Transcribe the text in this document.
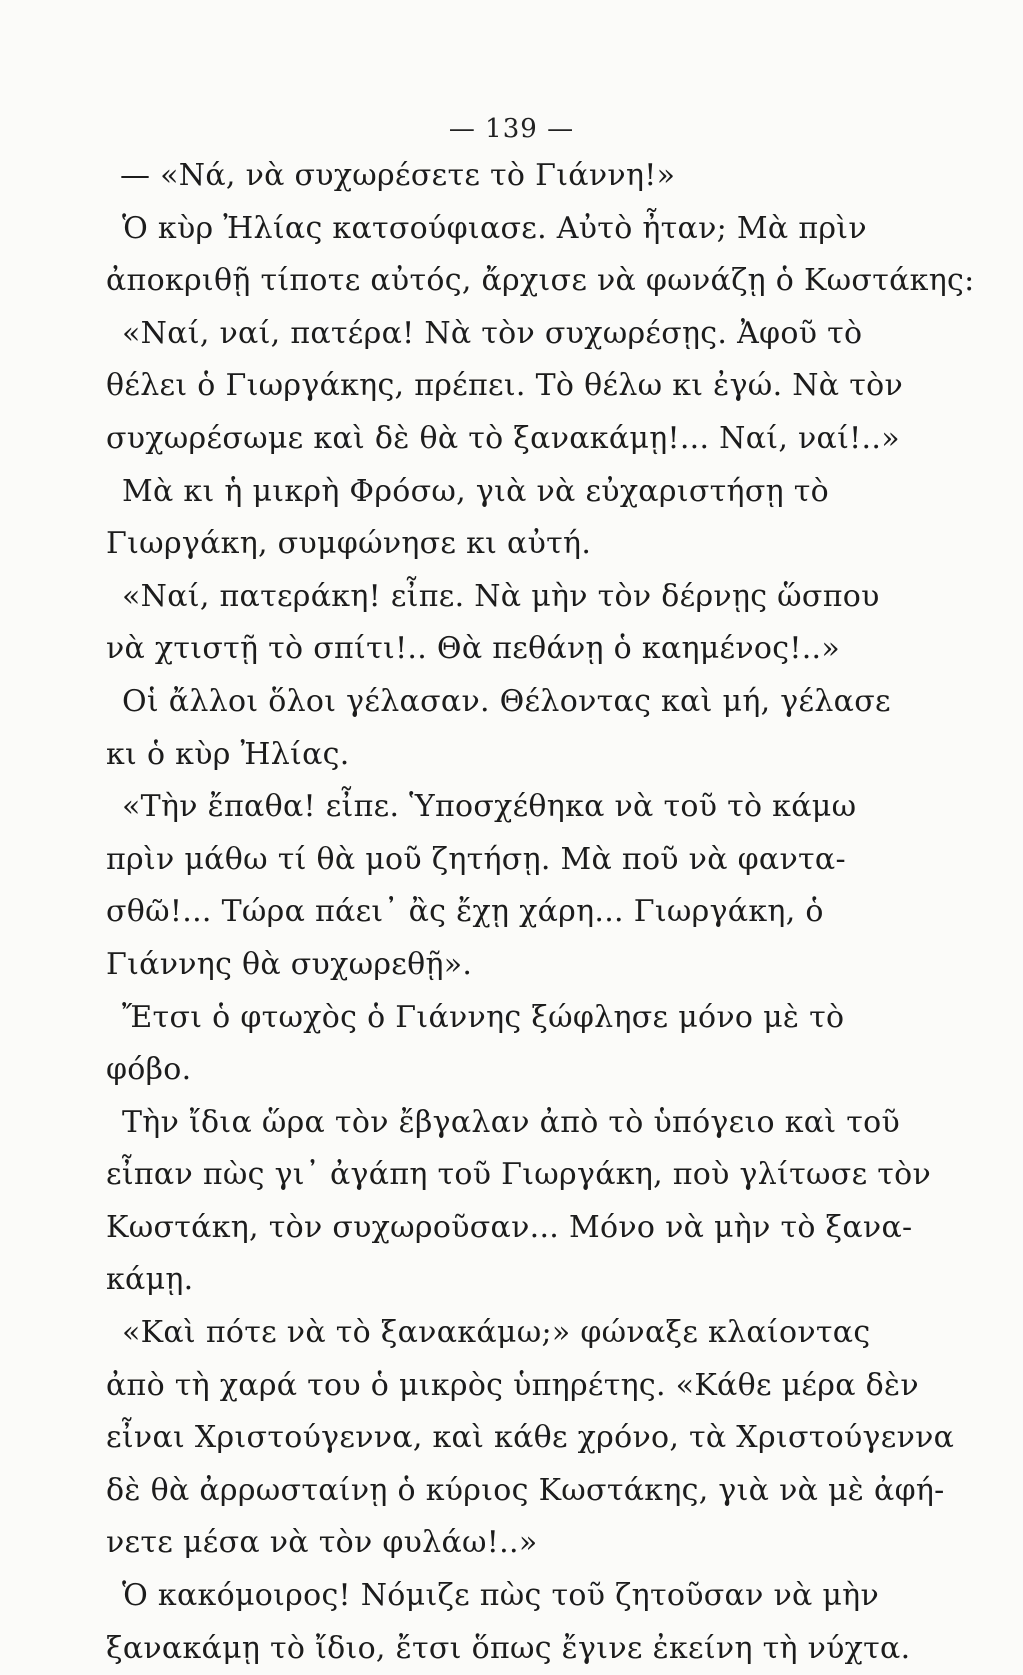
— 139 —
— «Νά, νὰ συχωρέσετε τὸ Γιάννη!»
Ὁ κὺρ Ἠλίας κατσούφιασε. Αὐτὸ ἦταν; Μὰ πρὶν
ἀποκριθῇ τίποτε αὐτός, ἄρχισε νὰ φωνάζῃ ὁ Κωστάκης:
«Ναί, ναί, πατέρα! Νὰ τὸν συχωρέσῃς. Ἀφοῦ τὸ
θέλει ὁ Γιωργάκης, πρέπει. Τὸ θέλω κι ἐγώ. Νὰ τὸν
συχωρέσωμε καὶ δὲ θὰ τὸ ξανακάμῃ!... Ναί, ναί!..»
Μὰ κι ἡ μικρὴ Φρόσω, γιὰ νὰ εὐχαριστήσῃ τὸ
Γιωργάκη, συμφώνησε κι αὐτή.
«Ναί, πατεράκη! εἶπε. Νὰ μὴν τὸν δέρνῃς ὥσπου
νὰ χτιστῇ τὸ σπίτι!.. Θὰ πεθάνῃ ὁ καημένος!..»
Οἱ ἄλλοι ὅλοι γέλασαν. Θέλοντας καὶ μή, γέλασε
κι ὁ κὺρ Ἠλίας.
«Τὴν ἔπαθα! εἶπε. Ὑποσχέθηκα νὰ τοῦ τὸ κάμω
πρὶν μάθω τί θὰ μοῦ ζητήσῃ. Μὰ ποῦ νὰ φαντα-
σθῶ!... Τώρα πάει᾽ ἂς ἔχῃ χάρη... Γιωργάκη, ὁ
Γιάννης θὰ συχωρεθῇ».
Ἔτσι ὁ φτωχὸς ὁ Γιάννης ξώφλησε μόνο μὲ τὸ
φόβο.
Τὴν ἴδια ὥρα τὸν ἔβγαλαν ἀπὸ τὸ ὑπόγειο καὶ τοῦ
εἶπαν πὼς γι᾽ ἀγάπη τοῦ Γιωργάκη, ποὺ γλίτωσε τὸν
Κωστάκη, τὸν συχωροῦσαν... Μόνο νὰ μὴν τὸ ξανα-
κάμῃ.
«Καὶ πότε νὰ τὸ ξανακάμω;» φώναξε κλαίοντας
ἀπὸ τὴ χαρά του ὁ μικρὸς ὑπηρέτης. «Κάθε μέρα δὲν
εἶναι Χριστούγεννα, καὶ κάθε χρόνο, τὰ Χριστούγεννα
δὲ θὰ ἀρρωσταίνῃ ὁ κύριος Κωστάκης, γιὰ νὰ μὲ ἀφή-
νετε μέσα νὰ τὸν φυλάω!..»
Ὁ κακόμοιρος! Νόμιζε πὼς τοῦ ζητοῦσαν νὰ μὴν
ξανακάμῃ τὸ ἴδιο, ἔτσι ὅπως ἔγινε ἐκείνη τὴ νύχτα.
